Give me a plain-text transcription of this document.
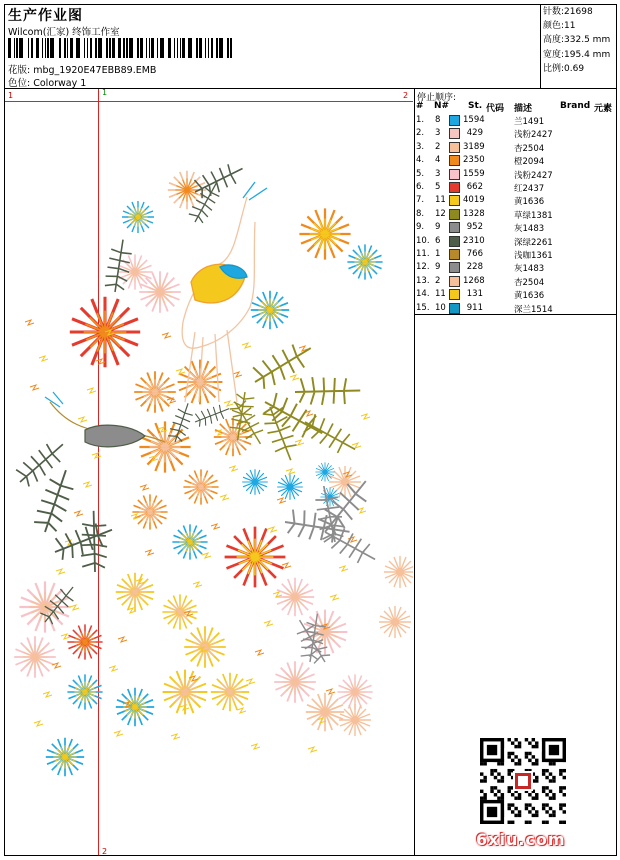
生产作业图
Wilcom(汇家) 终饰工作室
花版: mbg_1920E47EBB89.EMB
色位: Colorway 1
针数:21698
颜色:11
高度:332.5 mm
宽度:195.4 mm
比例:0.69
1	1	2
2
停止顺序:
# N# St. 代码 描述	Brand 元素
1. 8	1594	兰1491
2. 3	429	浅粉2427
3. 2	3189	杏2504
4. 4	2350	橙2094
5. 3	1559	浅粉2427
6. 5	662	红2437
7. 11 4019	黄1636
8. 12 1328	草绿1381
9. 9	952	灰1483
10. 6	2310	深绿2261
11. 1	766	浅咖1361
12. 9	228	灰1483
13. 2	1268	杏2504
14. 11	131	黄1636
15. 10	911	深兰1514
6xiu.com
